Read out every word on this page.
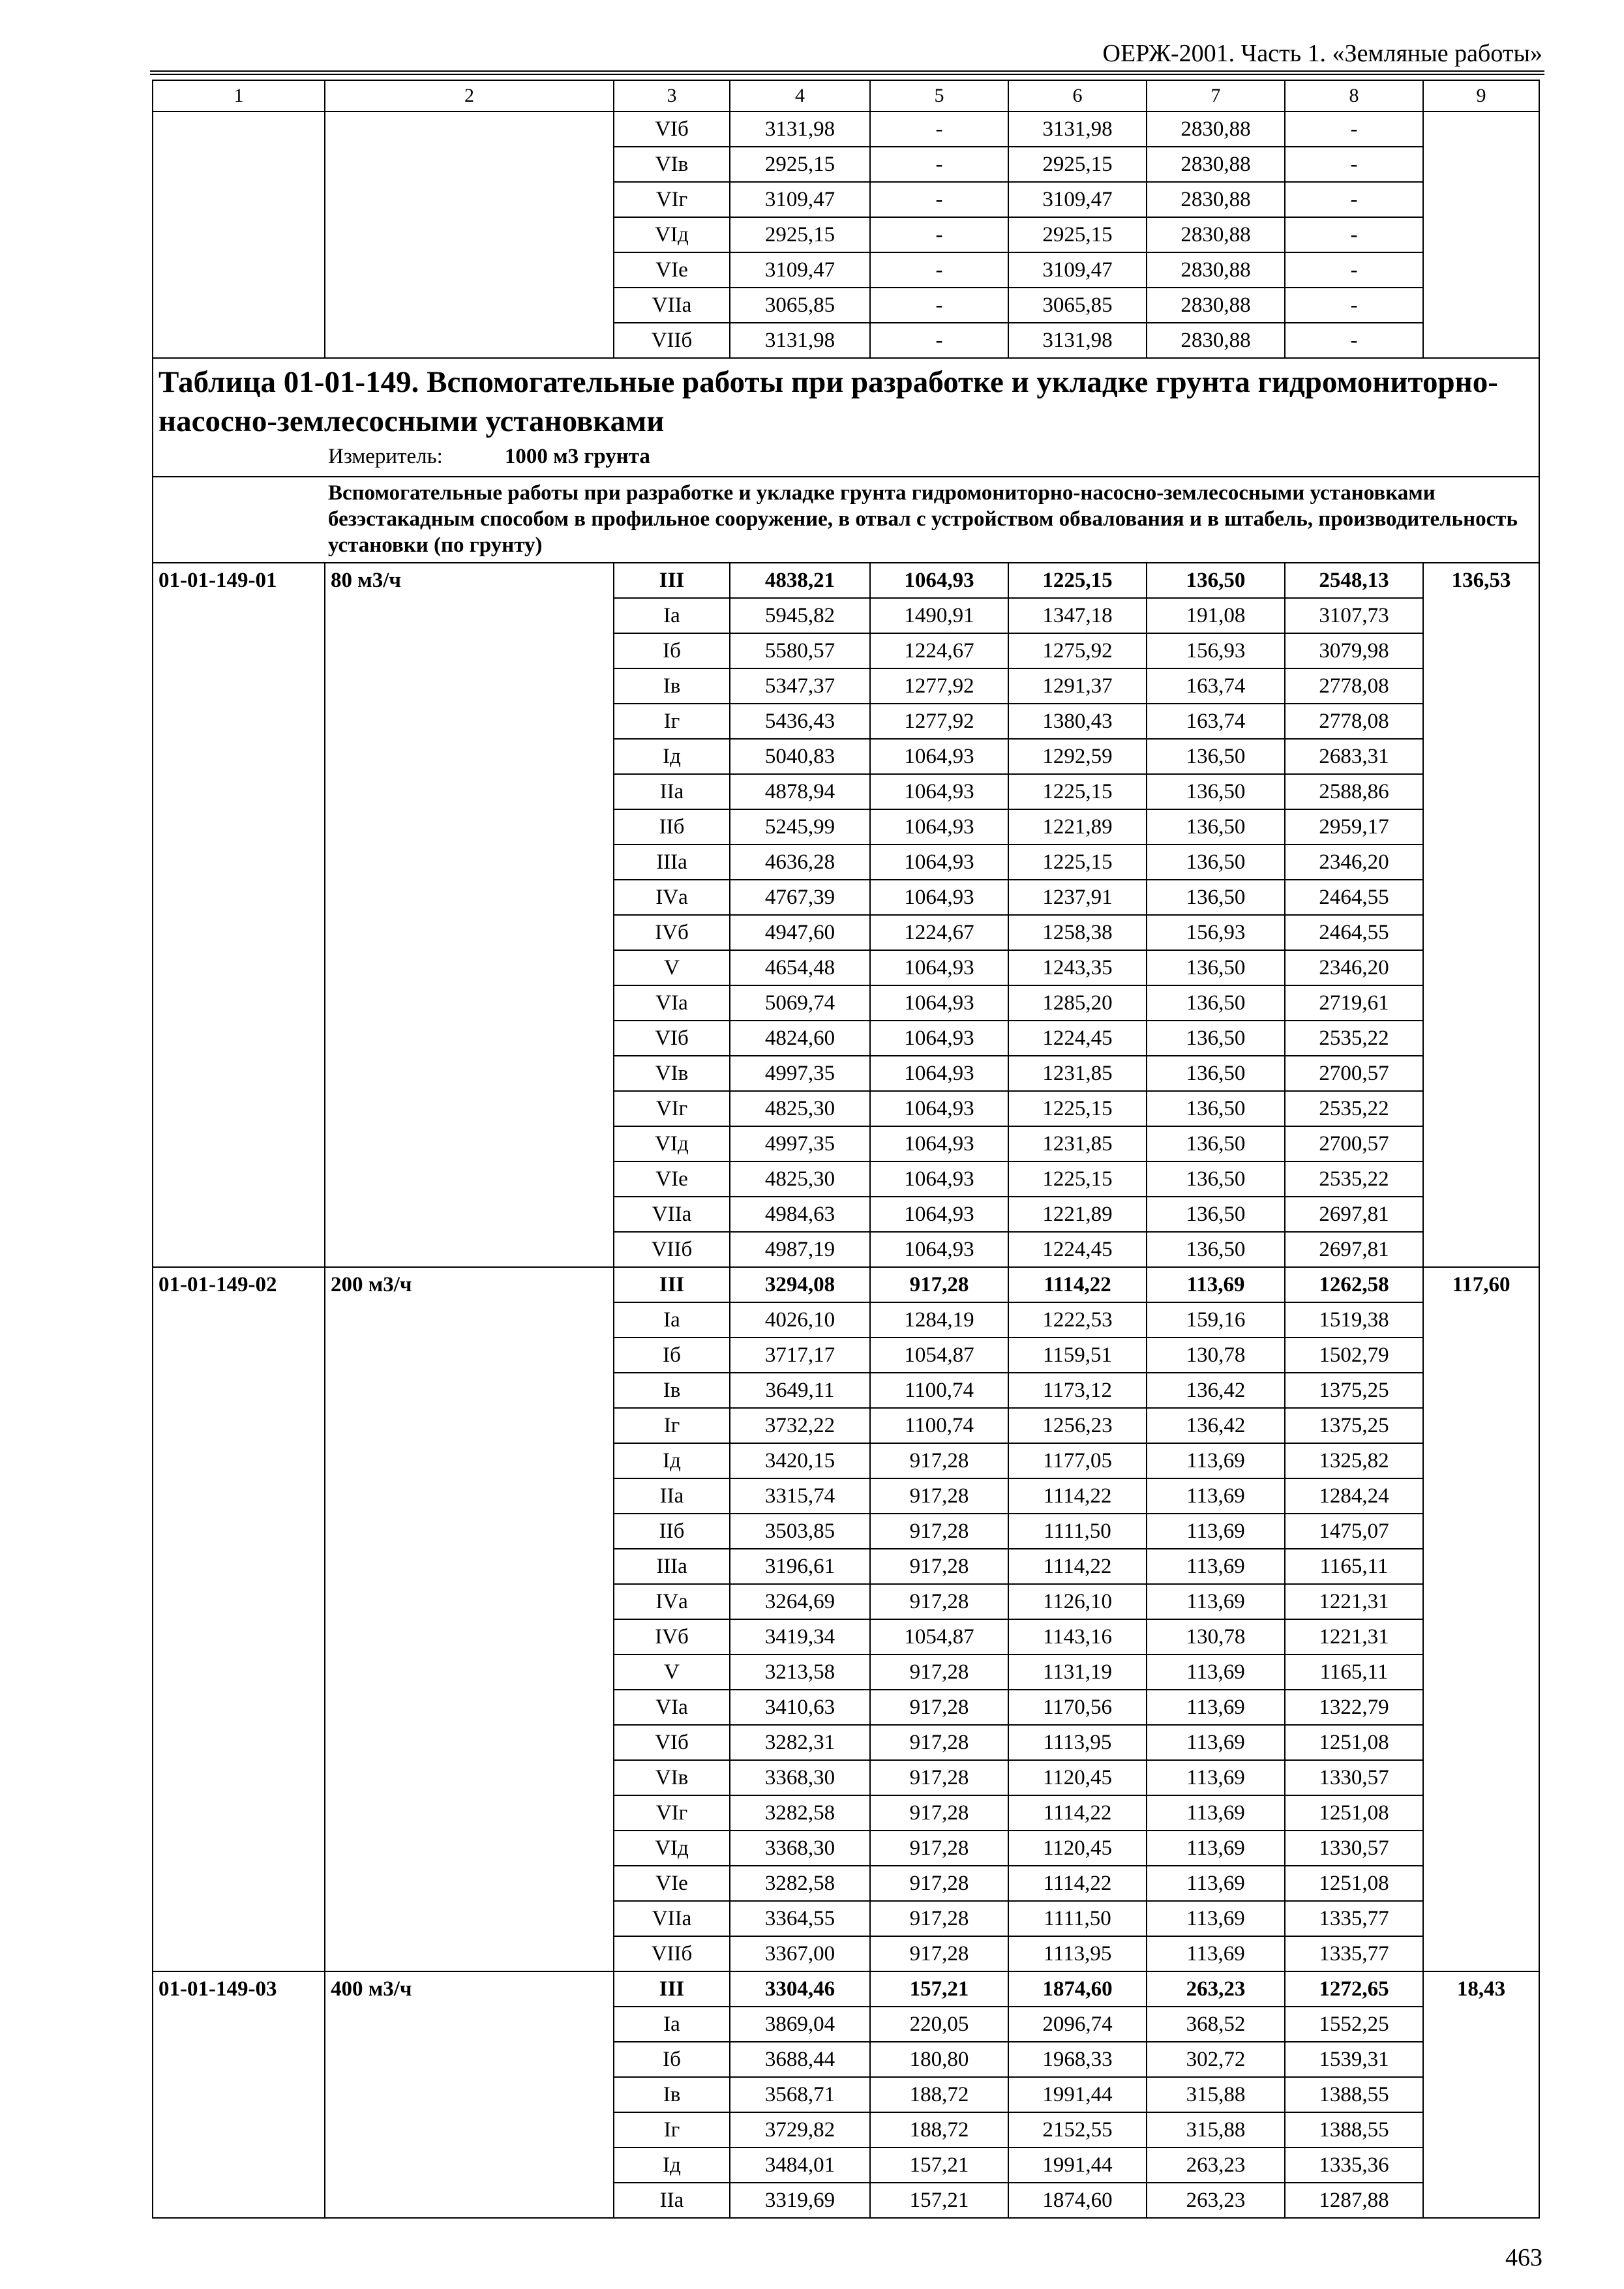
ОЕРЖ-2001. Часть 1. «Земляные работы»
1	2	3	4	5	6	7	8	9
		VIб	3131,98	-	3131,98	2830,88	-	
		VIв	2925,15	-	2925,15	2830,88	-	
		VIг	3109,47	-	3109,47	2830,88	-	
		VIд	2925,15	-	2925,15	2830,88	-	
		VIе	3109,47	-	3109,47	2830,88	-	
		VIIа	3065,85	-	3065,85	2830,88	-	
		VIIб	3131,98	-	3131,98	2830,88	-	

Таблица 01-01-149. Вспомогательные работы при разработке и укладке грунта гидромониторно-насосно-землесосными установками
Измеритель: 1000 м3 грунта								

Вспомогательные работы при разработке и укладке грунта гидромониторно-насосно-землесосными установками безэстакадным способом в профильное сооружение, в отвал с устройством обвалования и в штабель, производительность установки (по грунту)								
01-01-149-01	80 м3/ч	III	4838,21	1064,93	1225,15	136,50	2548,13	136,53
		Iа	5945,82	1490,91	1347,18	191,08	3107,73	
		Iб	5580,57	1224,67	1275,92	156,93	3079,98	
		Iв	5347,37	1277,92	1291,37	163,74	2778,08	
		Iг	5436,43	1277,92	1380,43	163,74	2778,08	
		Iд	5040,83	1064,93	1292,59	136,50	2683,31	
		IIа	4878,94	1064,93	1225,15	136,50	2588,86	
		IIб	5245,99	1064,93	1221,89	136,50	2959,17	
		IIIа	4636,28	1064,93	1225,15	136,50	2346,20	
		IVа	4767,39	1064,93	1237,91	136,50	2464,55	
		IVб	4947,60	1224,67	1258,38	156,93	2464,55	
		V	4654,48	1064,93	1243,35	136,50	2346,20	
		VIа	5069,74	1064,93	1285,20	136,50	2719,61	
		VIб	4824,60	1064,93	1224,45	136,50	2535,22	
		VIв	4997,35	1064,93	1231,85	136,50	2700,57	
		VIг	4825,30	1064,93	1225,15	136,50	2535,22	
		VIд	4997,35	1064,93	1231,85	136,50	2700,57	
		VIе	4825,30	1064,93	1225,15	136,50	2535,22	
		VIIа	4984,63	1064,93	1221,89	136,50	2697,81	
		VIIб	4987,19	1064,93	1224,45	136,50	2697,81	
01-01-149-02	200 м3/ч	III	3294,08	917,28	1114,22	113,69	1262,58	117,60
		Iа	4026,10	1284,19	1222,53	159,16	1519,38	
		Iб	3717,17	1054,87	1159,51	130,78	1502,79	
		Iв	3649,11	1100,74	1173,12	136,42	1375,25	
		Iг	3732,22	1100,74	1256,23	136,42	1375,25	
		Iд	3420,15	917,28	1177,05	113,69	1325,82	
		IIа	3315,74	917,28	1114,22	113,69	1284,24	
		IIб	3503,85	917,28	1111,50	113,69	1475,07	
		IIIа	3196,61	917,28	1114,22	113,69	1165,11	
		IVа	3264,69	917,28	1126,10	113,69	1221,31	
		IVб	3419,34	1054,87	1143,16	130,78	1221,31	
		V	3213,58	917,28	1131,19	113,69	1165,11	
		VIа	3410,63	917,28	1170,56	113,69	1322,79	
		VIб	3282,31	917,28	1113,95	113,69	1251,08	
		VIв	3368,30	917,28	1120,45	113,69	1330,57	
		VIг	3282,58	917,28	1114,22	113,69	1251,08	
		VIд	3368,30	917,28	1120,45	113,69	1330,57	
		VIе	3282,58	917,28	1114,22	113,69	1251,08	
		VIIа	3364,55	917,28	1111,50	113,69	1335,77	
		VIIб	3367,00	917,28	1113,95	113,69	1335,77	
01-01-149-03	400 м3/ч	III	3304,46	157,21	1874,60	263,23	1272,65	18,43
		Iа	3869,04	220,05	2096,74	368,52	1552,25	
		Iб	3688,44	180,80	1968,33	302,72	1539,31	
		Iв	3568,71	188,72	1991,44	315,88	1388,55	
		Iг	3729,82	188,72	2152,55	315,88	1388,55	
		Iд	3484,01	157,21	1991,44	263,23	1335,36	
		IIа	3319,69	157,21	1874,60	263,23	1287,88	
463
